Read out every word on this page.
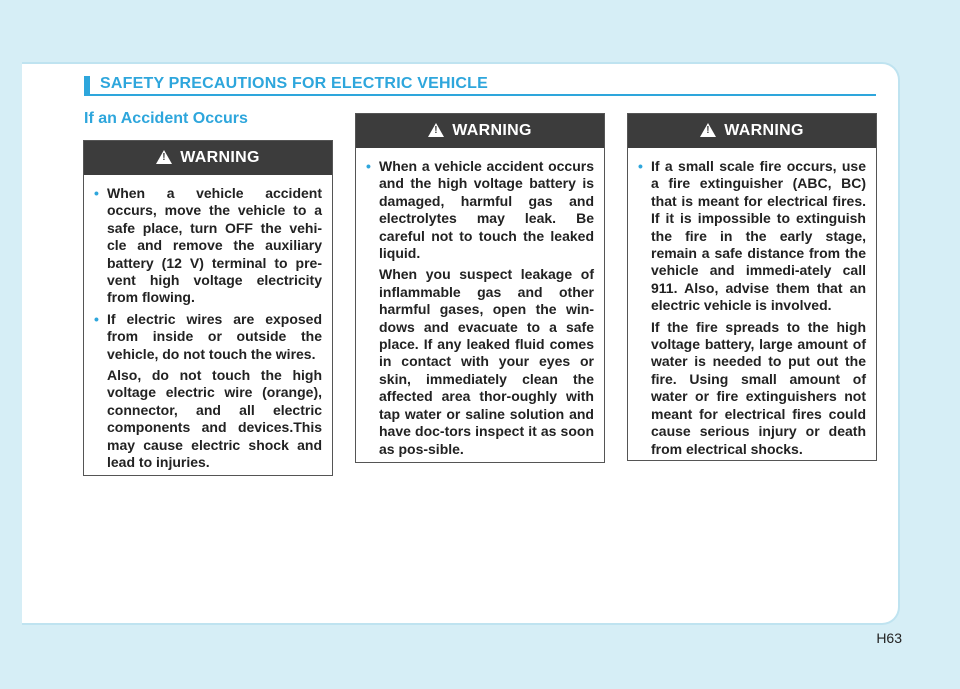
SAFETY PRECAUTIONS FOR ELECTRIC VEHICLE
If an Accident Occurs
!
WARNING
• When a vehicle accident occurs, move the vehicle to a safe place, turn OFF the vehi-cle and remove the auxiliary battery (12 V) terminal to pre-vent high voltage electricity from flowing.
• If electric wires are exposed from inside or outside the vehicle, do not touch the wires.
Also, do not touch the high voltage electric wire (orange), connector, and all electric components and devices.This may cause electric shock and lead to injuries.
!
WARNING
• When a vehicle accident occurs and the high voltage battery is damaged, harmful gas and electrolytes may leak. Be careful not to touch the leaked liquid.
When you suspect leakage of inflammable gas and other harmful gases, open the win-dows and evacuate to a safe place. If any leaked fluid comes in contact with your eyes or skin, immediately clean the affected area thor-oughly with tap water or saline solution and have doc-tors inspect it as soon as pos-sible.
!
WARNING
• If a small scale fire occurs, use a fire extinguisher (ABC, BC) that is meant for electrical fires. If it is impossible to extinguish the fire in the early stage, remain a safe distance from the vehicle and immedi-ately call 911. Also, advise them that an electric vehicle is involved.
If the fire spreads to the high voltage battery, large amount of water is needed to put out the fire. Using small amount of water or fire extinguishers not meant for electrical fires could cause serious injury or death from electrical shocks.
H63
